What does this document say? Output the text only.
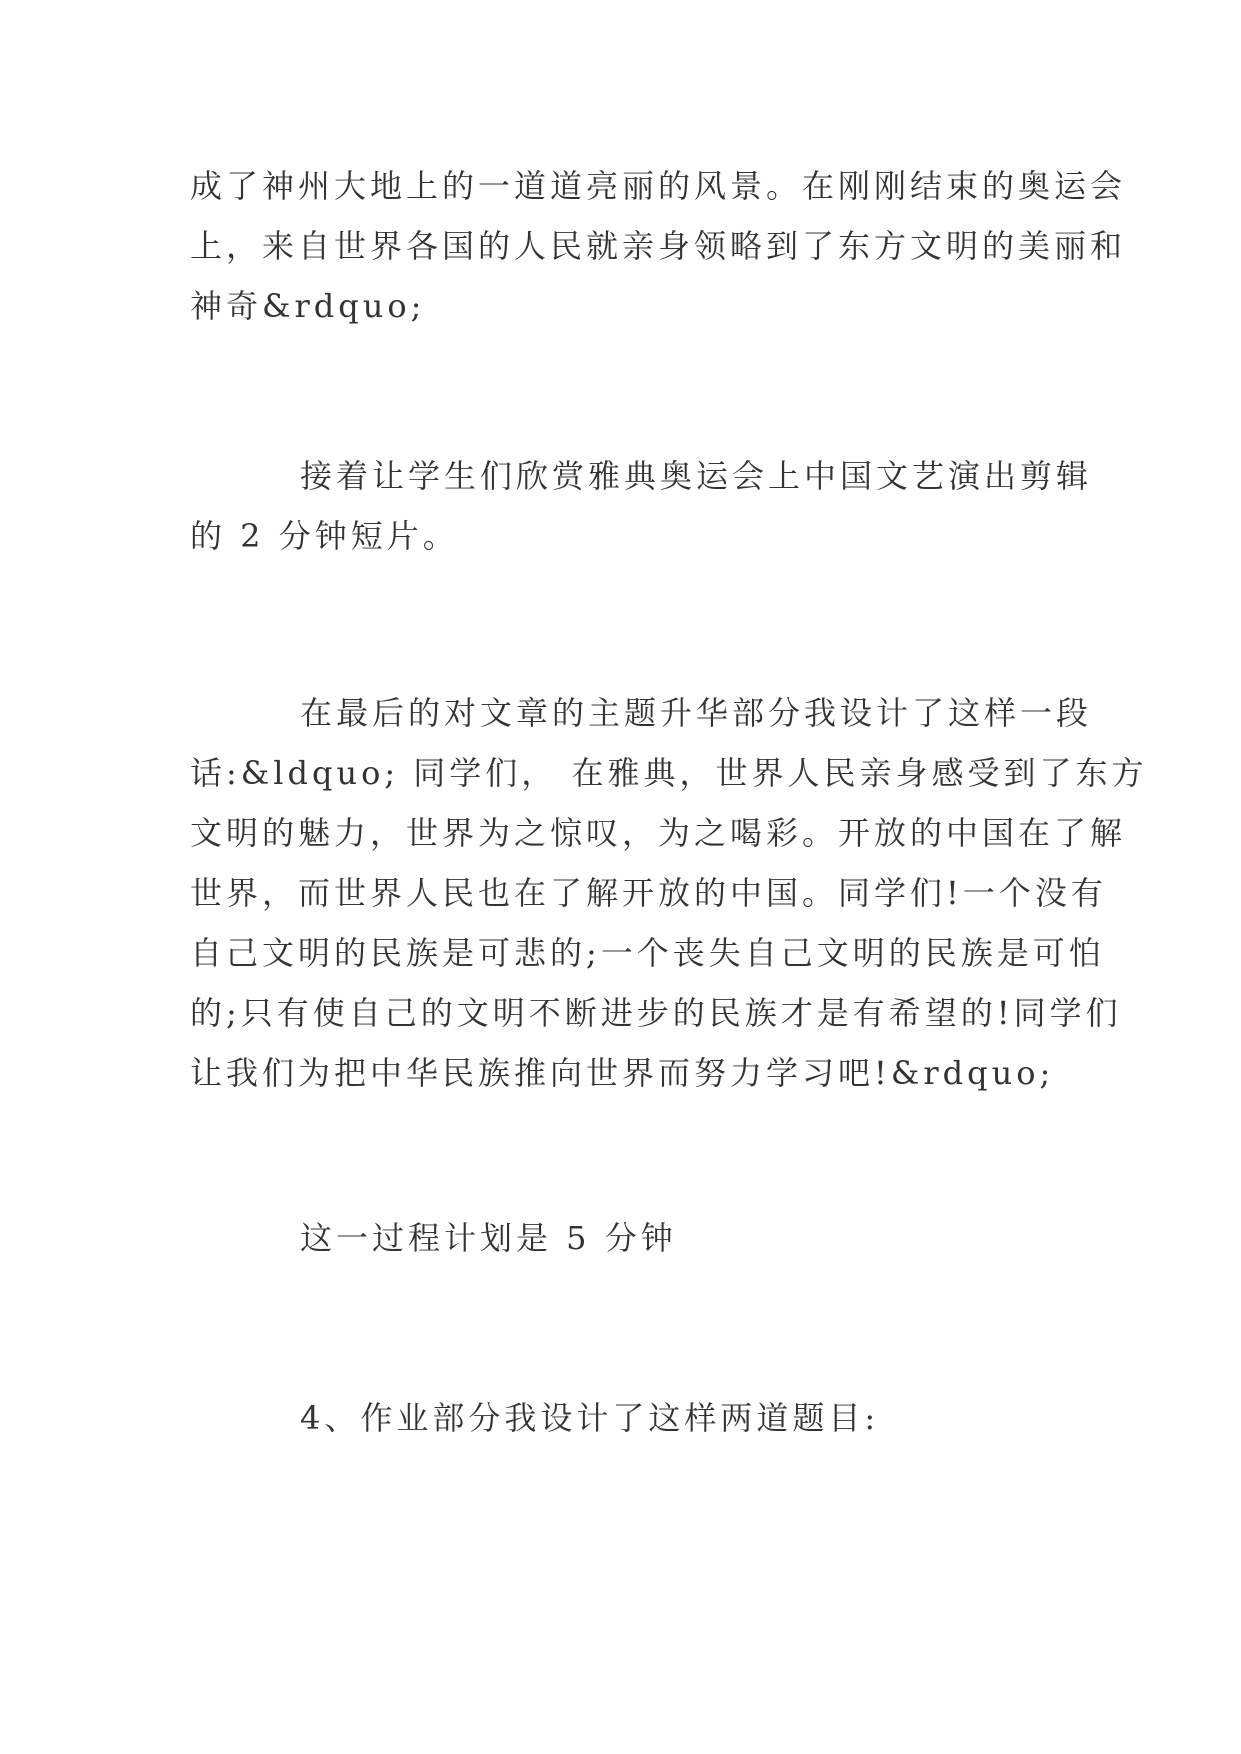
成了神州大地上的一道道亮丽的风景。在刚刚结束的奥运会
上，来自世界各国的人民就亲身领略到了东方文明的美丽和
神奇&rdquo;

接着让学生们欣赏雅典奥运会上中国文艺演出剪辑
的 2 分钟短片。

在最后的对文章的主题升华部分我设计了这样一段
话:&ldquo; 同学们， 在雅典，世界人民亲身感受到了东方
文明的魅力，世界为之惊叹，为之喝彩。开放的中国在了解
世界，而世界人民也在了解开放的中国。同学们!一个没有
自己文明的民族是可悲的;一个丧失自己文明的民族是可怕
的;只有使自己的文明不断进步的民族才是有希望的!同学们
让我们为把中华民族推向世界而努力学习吧!&rdquo;

这一过程计划是 5 分钟

4、作业部分我设计了这样两道题目:
